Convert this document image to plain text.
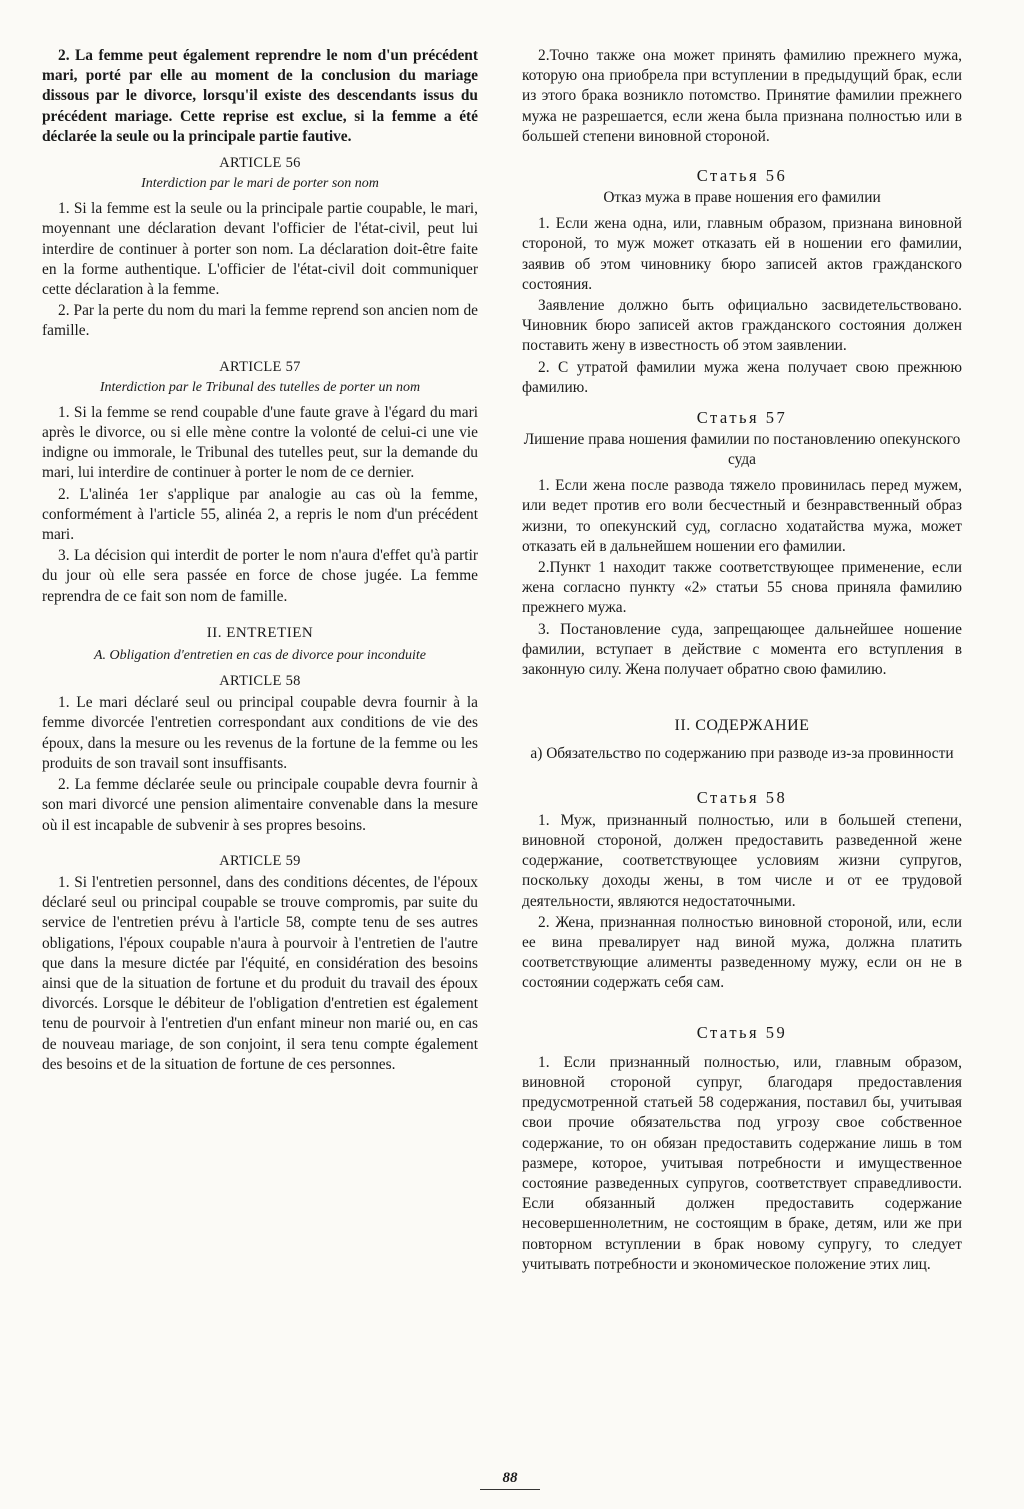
2. La femme peut également reprendre le nom d'un précédent mari, porté par elle au moment de la conclusion du mariage dissous par le divorce, lorsqu'il existe des descendants issus du précédent mariage. Cette reprise est exclue, si la femme a été déclarée la seule ou la principale partie fautive.

ARTICLE 56
Interdiction par le mari de porter son nom

1. Si la femme est la seule ou la principale partie coupable, le mari, moyennant une déclaration devant l'officier de l'état-civil, peut lui interdire de continuer à porter son nom. La déclaration doit-être faite en la forme authentique. L'officier de l'état-civil doit communiquer cette déclaration à la femme.

2. Par la perte du nom du mari la femme reprend son ancien nom de famille.

ARTICLE 57
Interdiction par le Tribunal des tutelles de porter un nom

1. Si la femme se rend coupable d'une faute grave à l'égard du mari après le divorce, ou si elle mène contre la volonté de celui-ci une vie indigne ou immorale, le Tribunal des tutelles peut, sur la demande du mari, lui interdire de continuer à porter le nom de ce dernier.

2. L'alinéa 1er s'applique par analogie au cas où la femme, conformément à l'article 55, alinéa 2, a repris le nom d'un précédent mari.

3. La décision qui interdit de porter le nom n'aura d'effet qu'à partir du jour où elle sera passée en force de chose jugée. La femme reprendra de ce fait son nom de famille.

II. ENTRETIEN
A. Obligation d'entretien en cas de divorce pour inconduite
ARTICLE 58

1. Le mari déclaré seul ou principal coupable devra fournir à la femme divorcée l'entretien correspondant aux conditions de vie des époux, dans la mesure ou les revenus de la fortune de la femme ou les produits de son travail sont insuffisants.

2. La femme déclarée seule ou principale coupable devra fournir à son mari divorcé une pension alimentaire convenable dans la mesure où il est incapable de subvenir à ses propres besoins.

ARTICLE 59

1. Si l'entretien personnel, dans des conditions décentes, de l'époux déclaré seul ou principal coupable se trouve compromis, par suite du service de l'entretien prévu à l'article 58, compte tenu de ses autres obligations, l'époux coupable n'aura à pourvoir à l'entretien de l'autre que dans la mesure dictée par l'équité, en considération des besoins ainsi que de la situation de fortune et du produit du travail des époux divorcés. Lorsque le débiteur de l'obligation d'entretien est également tenu de pourvoir à l'entretien d'un enfant mineur non marié ou, en cas de nouveau mariage, de son conjoint, il sera tenu compte également des besoins et de la situation de fortune de ces personnes.

2.Точно также она может принять фамилию прежнего мужа, которую она приобрела при вступлении в предыдущий брак, если из этого брака возникло потомство. Принятие фамилии прежнего мужа не разрешается, если жена была признана полностью или в большей степени виновной стороной.

Статья 56
Отказ мужа в праве ношения его фамилии

1. Если жена одна, или, главным образом, признана виновной стороной, то муж может отказать ей в ношении его фамилии, заявив об этом чиновнику бюро записей актов гражданского состояния.

Заявление должно быть официально засвидетельствовано. Чиновник бюро записей актов гражданского состояния должен поставить жену в известность об этом заявлении.

2. С утратой фамилии мужа жена получает свою прежнюю фамилию.

Статья 57
Лишение права ношения фамилии по постановлению опекунского суда

1. Если жена после развода тяжело провинилась перед мужем, или ведет против его воли бесчестный и безнравственный образ жизни, то опекунский суд, согласно ходатайства мужа, может отказать ей в дальнейшем ношении его фамилии.

2.Пункт 1 находит также соответствующее применение, если жена согласно пункту «2» статьи 55 снова приняла фамилию прежнего мужа.

3. Постановление суда, запрещающее дальнейшее ношение фамилии, вступает в действие с момента его вступления в законную силу. Жена получает обратно свою фамилию.

II. СОДЕРЖАНИЕ
а) Обязательство по содержанию при разводе из-за провинности
Статья 58

1. Муж, признанный полностью, или в большей степени, виновной стороной, должен предоставить разведенной жене содержание, соответствующее условиям жизни супругов, поскольку доходы жены, в том числе и от ее трудовой деятельности, являются недостаточными.

2. Жена, признанная полностью виновной стороной, или, если ее вина превалирует над виной мужа, должна платить соответствующие алименты разведенному мужу, если он не в состоянии содержать себя сам.

Статья 59

1. Если признанный полностью, или, главным образом, виновной стороной супруг, благодаря предоставления предусмотренной статьей 58 содержания, поставил бы, учитывая свои прочие обязательства под угрозу свое собственное содержание, то он обязан предоставить содержание лишь в том размере, которое, учитывая потребности и имущественное состояние разведенных супругов, соответствует справедливости. Если обязанный должен предоставить содержание несовершеннолетним, не состоящим в браке, детям, или же при повторном вступлении в брак новому супругу, то следует учитывать потребности и экономическое положение этих лиц.

88
